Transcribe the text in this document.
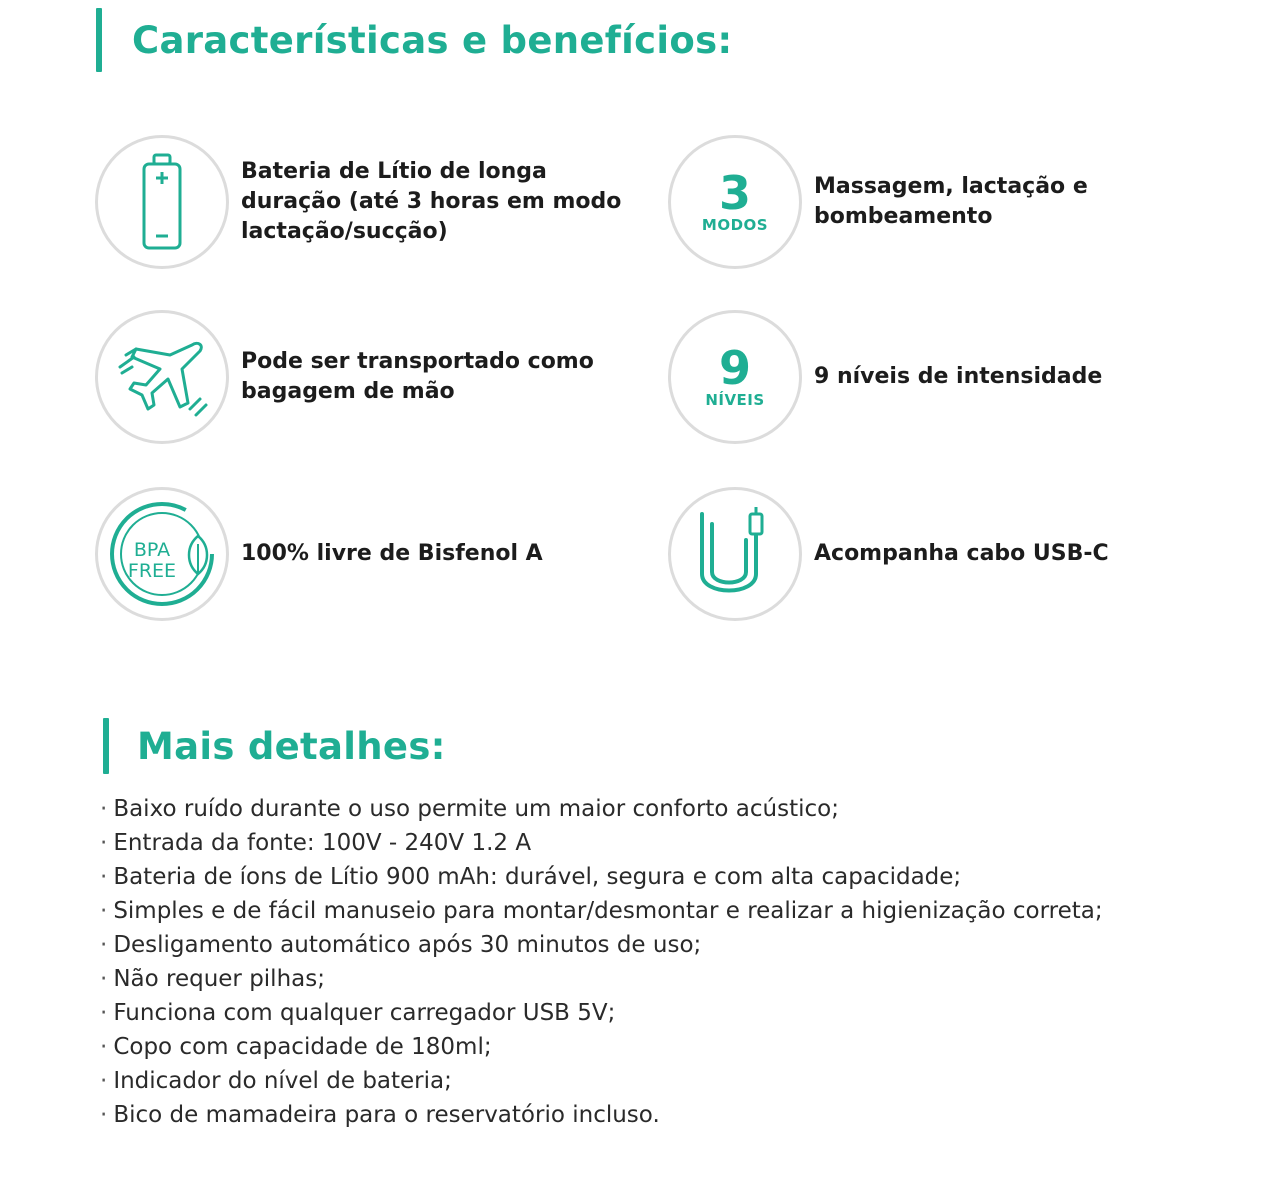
Características e benefícios:
Bateria de Lítio de longa duração (até 3 horas em modo lactação/sucção)
3
MODOS
Massagem, lactação e bombeamento
Pode ser transportado como bagagem de mão	9
NÍVEIS
9 níveis de intensidade
BPA
FREE
100% livre de Bisfenol A	Acompanha cabo USB-C
Mais detalhes:
· Baixo ruído durante o uso permite um maior conforto acústico;
· Entrada da fonte: 100V - 240V 1.2 A
· Bateria de íons de Lítio 900 mAh: durável, segura e com alta capacidade;
· Simples e de fácil manuseio para montar/desmontar e realizar a higienização correta;
· Desligamento automático após 30 minutos de uso;
· Não requer pilhas;
· Funciona com qualquer carregador USB 5V;
· Copo com capacidade de 180ml;
· Indicador do nível de bateria;
· Bico de mamadeira para o reservatório incluso.
